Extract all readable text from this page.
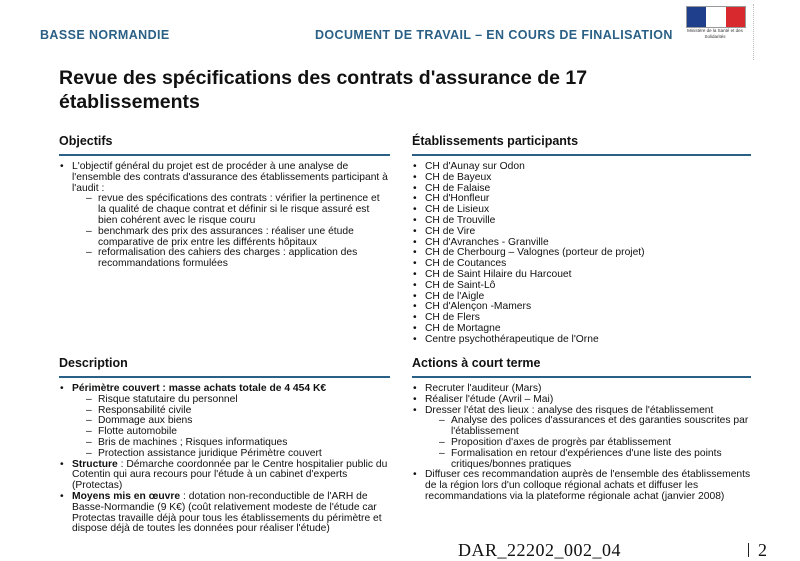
BASSE NORMANDIE	DOCUMENT DE TRAVAIL – EN COURS DE FINALISATION	Ministère de la Santé et des Solidarités
Revue des spécifications des contrats d'assurance de 17 établissements
Objectifs
• L'objectif général du projet est de procéder à une analyse de l'ensemble des contrats d'assurance des établissements participant à l'audit :
– revue des spécifications des contrats : vérifier la pertinence et la qualité de chaque contrat et définir si le risque assuré est bien cohérent avec le risque couru
– benchmark des prix des assurances : réaliser une étude comparative de prix entre les différents hôpitaux
– reformalisation des cahiers des charges : application des recommandations formulées
Établissements participants
• CH d'Aunay sur Odon
• CH de Bayeux
• CH de Falaise
• CH d'Honfleur
• CH de Lisieux
• CH de Trouville
• CH de Vire
• CH d'Avranches - Granville
• CH de Cherbourg – Valognes (porteur de projet)
• CH de Coutances
• CH de Saint Hilaire du Harcouet
• CH de Saint-Lô
• CH de l'Aigle
• CH d'Alençon -Mamers
• CH de Flers
• CH de Mortagne
• Centre psychothérapeutique de l'Orne
Description
• Périmètre couvert : masse achats totale de 4 454 K€
– Risque statutaire du personnel
– Responsabilité civile
– Dommage aux biens
– Flotte automobile
– Bris de machines ; Risques informatiques
– Protection assistance juridique Périmètre couvert
• Structure : Démarche coordonnée par le Centre hospitalier public du Cotentin qui aura recours pour l'étude à un cabinet d'experts (Protectas)
• Moyens mis en œuvre : dotation non-reconductible de l'ARH de Basse-Normandie (9 K€) (coût relativement modeste de l'étude car Protectas travaille déjà pour tous les établissements du périmètre et dispose déjà de toutes les données pour réaliser l'étude)
Actions à court terme
• Recruter l'auditeur (Mars)
• Réaliser l'étude (Avril – Mai)
• Dresser l'état des lieux : analyse des risques de l'établissement
– Analyse des polices d'assurances et des garanties souscrites par l'établissement
– Proposition d'axes de progrès par établissement
– Formalisation en retour d'expériences d'une liste des points critiques/bonnes pratiques
• Diffuser ces recommandation auprès de l'ensemble des établissements de la région lors d'un colloque régional achats et diffuser les recommandations via la plateforme régionale achat (janvier 2008)
DAR_22202_002_04	2
